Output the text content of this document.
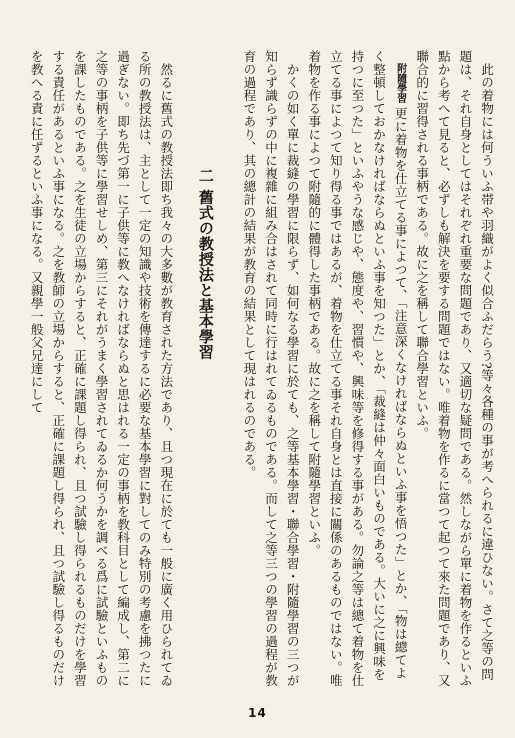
此の着物には何ういふ帯や羽織がよく似合ふだらう?等々各種の事が考へられるに違ひない。さて之等の問題は、それ自身としてはそれぞれ重要な問題であり、又適切な疑問である。然しながら單に着物を作るといふ點から考へて見ると、必ずしも解決を要する問題ではない。唯着物を作るに當つて起つて來た問題であり、又聯合的に習得される事柄である。故に之を稱して聯合學習といふ。

附隨學習更に着物を仕立てる事によつて、「注意深くなければならぬといふ事を悟つた」とか、「物は總てよく整頓しておかなければならぬといふ事を知つた」とか、「裁縫は仲々面白いものである。大いに之に興味を持つに至つた」といふやうな感じや、態度や、習慣や、興味等を修得する事がある。勿論之等は總て着物を仕立てる事によつて知り得る事ではあるが、着物を仕立てる事それ自身とは直接に關係のあるものではない。唯着物を作る事によつて附隨的に體得した事柄である。故に之を稱して附隨學習といふ。

かくの如く單に裁縫の學習に限らず、如何なる學習に於ても、之等基本學習・聯合學習・附隨學習の三つが知らず識らずの中に複雜に組み合はされて同時に行はれてゐるものである。而して之等三つの學習の過程が教育の過程であり、其の總計の結果が教育の結果として現はれるのである。

二 舊式の教授法と基本學習

然るに舊式の教授法即ち我々の大多數が教育された方法であり、且つ現在に於ても一般に廣く用ひられてゐる所の教授法は、主として一定の知識や技術を傳達するに必要な基本學習に對してのみ特別の考慮を拂つたに過ぎない。即ち先づ第一に子供等に教へなければならぬと思はれる一定の事柄を教科目として編成し、第二に之等の事柄を子供等に學習せしめ、第三にそれがうまく學習されてゐるか何うかを調べる爲に試驗といふものを課したものである。之を生徒の立場からすると、正確に課題し得られ、且つ試驗し得られるものだけを學習する責任があるといふ事になる。之を教師の立場からすると、正確に課題し得られ、且つ試驗し得るものだけを教へる責に任ずるといふ事になる。又親學一般父兄達にして

14
